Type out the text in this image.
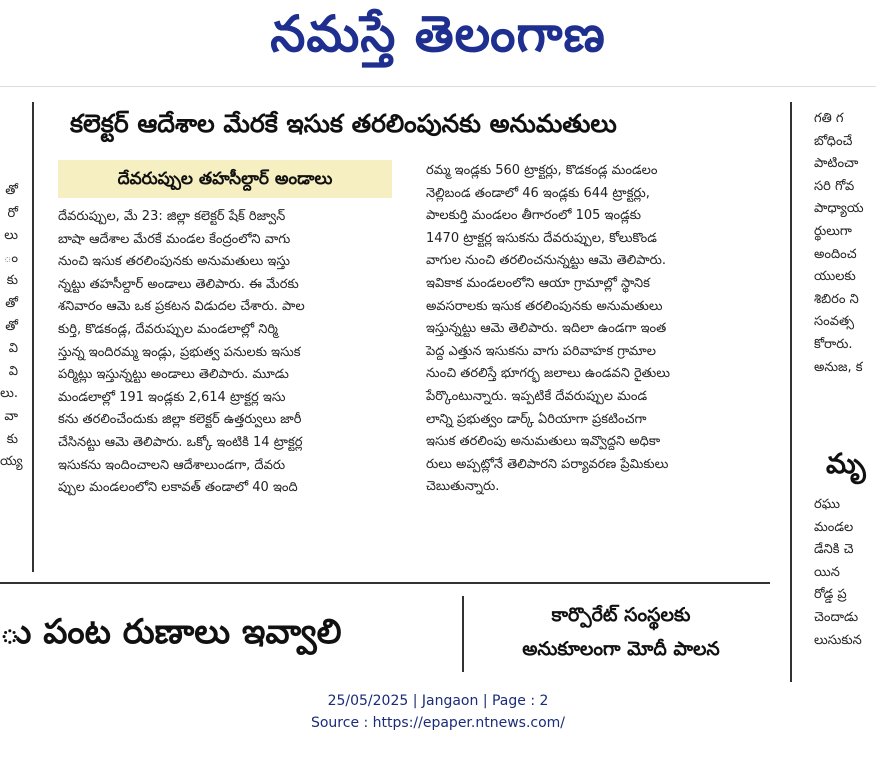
నమస్తే తెలంగాణ
తో
రో
లు
ం
కు
తో
తో
వి
వి
లు.
వా
కు
య్య
కలెక్టర్ ఆదేశాల మేరకే ఇసుక తరలింపునకు అనుమతులు
దేవరుప్పుల తహసీల్దార్ అండాలు
దేవరుప్పుల, మే 23: జిల్లా కలెక్టర్ షేక్ రిజ్వాన్
బాషా ఆదేశాల మేరకే మండల కేంద్రంలోని వాగు
నుంచి ఇసుక తరలింపునకు అనుమతులు ఇస్తు
న్నట్టు తహసీల్దార్ అండాలు తెలిపారు. ఈ మేరకు
శనివారం ఆమె ఒక ప్రకటన విడుదల చేశారు. పాల
కుర్తి, కొడకండ్ల, దేవరుప్పుల మండలాల్లో నిర్మి
స్తున్న ఇందిరమ్మ ఇండ్లు, ప్రభుత్వ పనులకు ఇసుక
పర్మిట్లు ఇస్తున్నట్టు అండాలు తెలిపారు. మూడు
మండలాల్లో 191 ఇండ్లకు 2,614 ట్రాక్టర్ల ఇసు
కను తరలించేందుకు జిల్లా కలెక్టర్ ఉత్తర్వులు జారీ
చేసినట్టు ఆమె తెలిపారు. ఒక్కో ఇంటికి 14 ట్రాక్టర్ల
ఇసుకను ఇందించాలని ఆదేశాలుండగా, దేవరు
ప్పుల మండలంలోని లకావత్ తండాలో 40 ఇంది
రమ్మ ఇండ్లకు 560 ట్రాక్టర్లు, కొడకండ్ల మండలం
నెల్లిబండ తండాలో 46 ఇండ్లకు 644 ట్రాక్టర్లు,
పాలకుర్తి మండలం తీగారంలో 105 ఇండ్లకు
1470 ట్రాక్టర్ల ఇసుకను దేవరుప్పుల, కోలుకొండ
వాగుల నుంచి తరలించనున్నట్టు ఆమె తెలిపారు.
ఇవికాక మండలంలోని ఆయా గ్రామాల్లో స్థానిక
అవసరాలకు ఇసుక తరలింపునకు అనుమతులు
ఇస్తున్నట్టు ఆమె తెలిపారు. ఇదిలా ఉండగా ఇంత
పెద్ద ఎత్తున ఇసుకను వాగు పరివాహక గ్రామాల
నుంచి తరలిస్తే భూగర్భ జలాలు ఉండవని రైతులు
పేర్కొంటున్నారు. ఇప్పటికే దేవరుప్పుల మండ
లాన్ని ప్రభుత్వం డార్క్ ఏరియాగా ప్రకటించగా
ఇసుక తరలింపు అనుమతులు ఇవ్వొద్దని అధికా
రులు అప్పట్లోనే తెలిపారని పర్యావరణ ప్రేమికులు
చెబుతున్నారు.
గతి గ
బోధించే
పాటించా
సరి గోవ
పాధ్యాయ
ర్థులుగా
అందించ
యులకు
శిబిరం ని
సంవత్స
కోరారు.
అనుజ, క
మృ
రఘు
మండల
డేనికి చె
యిన
రోడ్డ ప్ర
చెందాడు
లుసుకున
ు పంట రుణాలు ఇవ్వాలి	కార్పొరేట్ సంస్థలకు
అనుకూలంగా మోదీ పాలన
25/05/2025 | Jangaon | Page : 2
Source : https://epaper.ntnews.com/
